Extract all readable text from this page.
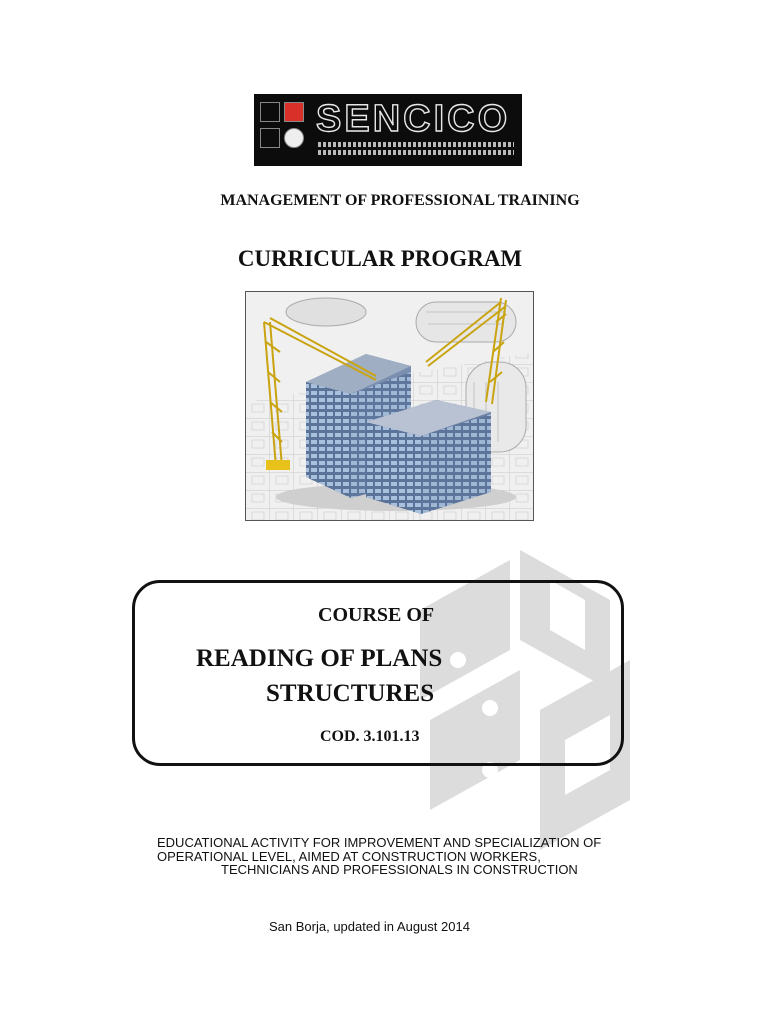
SENCICO
MANAGEMENT OF PROFESSIONAL TRAINING
CURRICULAR PROGRAM
COURSE OF
READING OF PLANS
STRUCTURES
COD. 3.101.13
EDUCATIONAL ACTIVITY FOR IMPROVEMENT AND SPECIALIZATION OF
OPERATIONAL LEVEL, AIMED AT CONSTRUCTION WORKERS,
TECHNICIANS AND PROFESSIONALS IN CONSTRUCTION
San Borja, updated in August 2014
